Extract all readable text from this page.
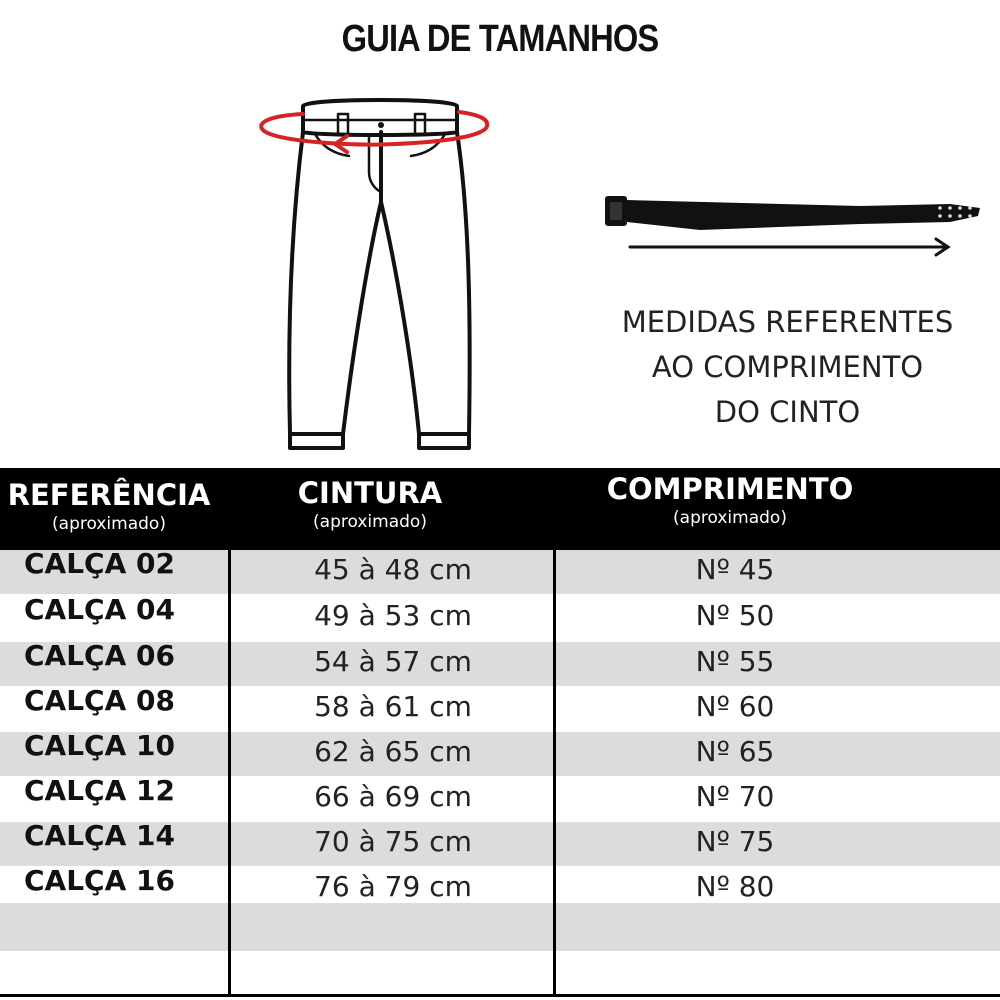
GUIA DE TAMANHOS
MEDIDAS REFERENTES
AO COMPRIMENTO
DO CINTO
REFERÊNCIA
(aproximado)
CINTURA
(aproximado)
COMPRIMENTO
(aproximado)
CALÇA 02	45 à 48 cm	Nº 45
CALÇA 04	49 à 53 cm	Nº 50
CALÇA 06	54 à 57 cm	Nº 55
CALÇA 08	58 à 61 cm	Nº 60
CALÇA 10	62 à 65 cm	Nº 65
CALÇA 12	66 à 69 cm	Nº 70
CALÇA 14	70 à 75 cm	Nº 75
CALÇA 16	76 à 79 cm	Nº 80
